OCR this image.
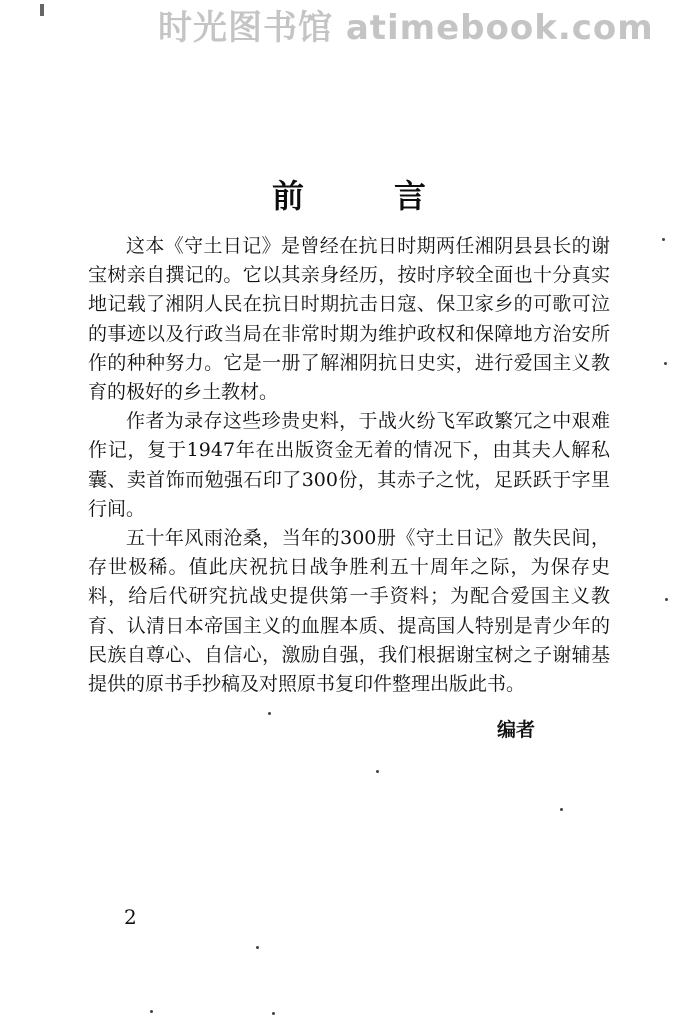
时光图书馆 atimebook.com
前	言

这本《守土日记》是曾经在抗日时期两任湘阴县县长的谢宝树亲自撰记的。它以其亲身经历，按时序较全面也十分真实地记载了湘阴人民在抗日时期抗击日寇、保卫家乡的可歌可泣的事迹以及行政当局在非常时期为维护政权和保障地方治安所作的种种努力。它是一册了解湘阴抗日史实，进行爱国主义教育的极好的乡土教材。

作者为录存这些珍贵史料，于战火纷飞军政繁冗之中艰难作记，复于1947年在出版资金无着的情况下，由其夫人解私囊、卖首饰而勉强石印了300份，其赤子之忱，足跃跃于字里行间。

五十年风雨沧桑，当年的300册《守土日记》散失民间，存世极稀。值此庆祝抗日战争胜利五十周年之际，为保存史料，给后代研究抗战史提供第一手资料；为配合爱国主义教育、认清日本帝国主义的血腥本质、提高国人特别是青少年的民族自尊心、自信心，激励自强，我们根据谢宝树之子谢辅基提供的原书手抄稿及对照原书复印件整理出版此书。

编者
2
